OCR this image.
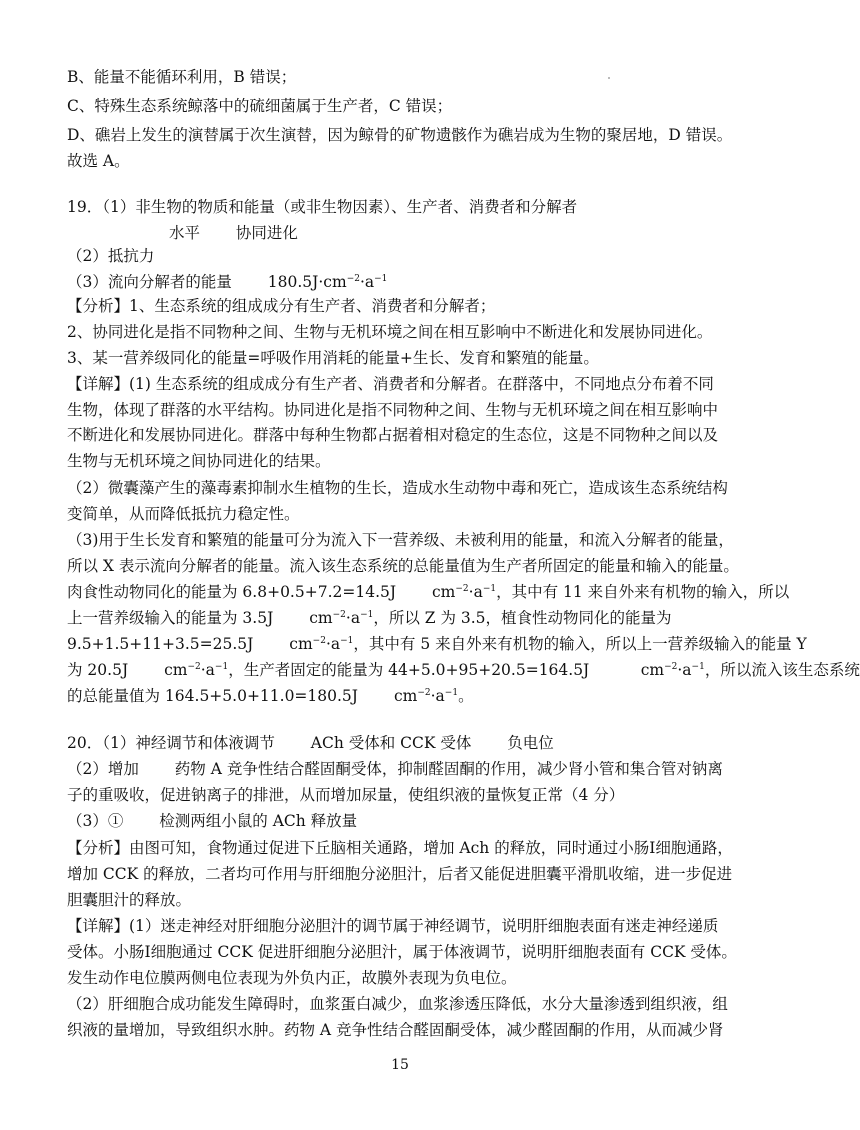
B、能量不能循环利用，B 错误；
C、特殊生态系统鲸落中的硫细菌属于生产者，C 错误；
D、礁岩上发生的演替属于次生演替，因为鲸骨的矿物遗骸作为礁岩成为生物的聚居地，D 错误。
故选 A。
19．（1）非生物的物质和能量（或非生物因素）、生产者、消费者和分解者
水平　　 协同进化
（2）抵抗力
（3）流向分解者的能量　　 $180.5J\cdot cm^{-2}\cdot a^{-1}$
【分析】1、生态系统的组成成分有生产者、消费者和分解者；
2、协同进化是指不同物种之间、生物与无机环境之间在相互影响中不断进化和发展协同进化。
3、某一营养级同化的能量=呼吸作用消耗的能量+生长、发育和繁殖的能量。
【详解】(1) 生态系统的组成成分有生产者、消费者和分解者。在群落中，不同地点分布着不同
生物，体现了群落的水平结构。协同进化是指不同物种之间、生物与无机环境之间在相互影响中
不断进化和发展协同进化。群落中每种生物都占据着相对稳定的生态位，这是不同物种之间以及
生物与无机环境之间协同进化的结果。
（2）微囊藻产生的藻毒素抑制水生植物的生长，造成水生动物中毒和死亡，造成该生态系统结构
变简单，从而降低抵抗力稳定性。
（3)用于生长发育和繁殖的能量可分为流入下一营养级、未被利用的能量，和流入分解者的能量，
所以 X 表示流向分解者的能量。流入该生态系统的总能量值为生产者所固定的能量和输入的能量。
肉食性动物同化的能量为 6.8+0.5+7.2=14.5J　　 $cm^{-2}\cdot a^{-1}$，其中有 11 来自外来有机物的输入，所以
上一营养级输入的能量为 3.5J　　 $cm^{-2}\cdot a^{-1}$，所以 Z 为 3.5，植食性动物同化的能量为
9.5+1.5+11+3.5=25.5J　　 $cm^{-2}\cdot a^{-1}$，其中有 5 来自外来有机物的输入，所以上一营养级输入的能量 Y
为 20.5J　　 $cm^{-2}\cdot a^{-1}$，生产者固定的能量为 44+5.0+95+20.5=164.5J　　　 $cm^{-2}\cdot a^{-1}$，所以流入该生态系统
的总能量值为 164.5+5.0+11.0=180.5J　　 $cm^{-2}\cdot a^{-1}$。
20．（1）神经调节和体液调节　　 ACh 受体和 CCK 受体　　 负电位
（2）增加　　 药物 A 竞争性结合醛固酮受体，抑制醛固酮的作用，减少肾小管和集合管对钠离
子的重吸收，促进钠离子的排泄，从而增加尿量，使组织液的量恢复正常（4 分）
（3）①　　 检测两组小鼠的 ACh 释放量
【分析】由图可知，食物通过促进下丘脑相关通路，增加 Ach 的释放，同时通过小肠I细胞通路，
增加 CCK 的释放，二者均可作用与肝细胞分泌胆汁，后者又能促进胆囊平滑肌收缩，进一步促进
胆囊胆汁的释放。
【详解】(1）迷走神经对肝细胞分泌胆汁的调节属于神经调节，说明肝细胞表面有迷走神经递质
受体。小肠I细胞通过 CCK 促进肝细胞分泌胆汁，属于体液调节，说明肝细胞表面有 CCK 受体。
发生动作电位膜两侧电位表现为外负内正，故膜外表现为负电位。
（2）肝细胞合成功能发生障碍时，血浆蛋白减少，血浆渗透压降低，水分大量渗透到组织液，组
织液的量增加，导致组织水肿。药物 A 竞争性结合醛固酮受体，减少醛固酮的作用，从而减少肾
15
